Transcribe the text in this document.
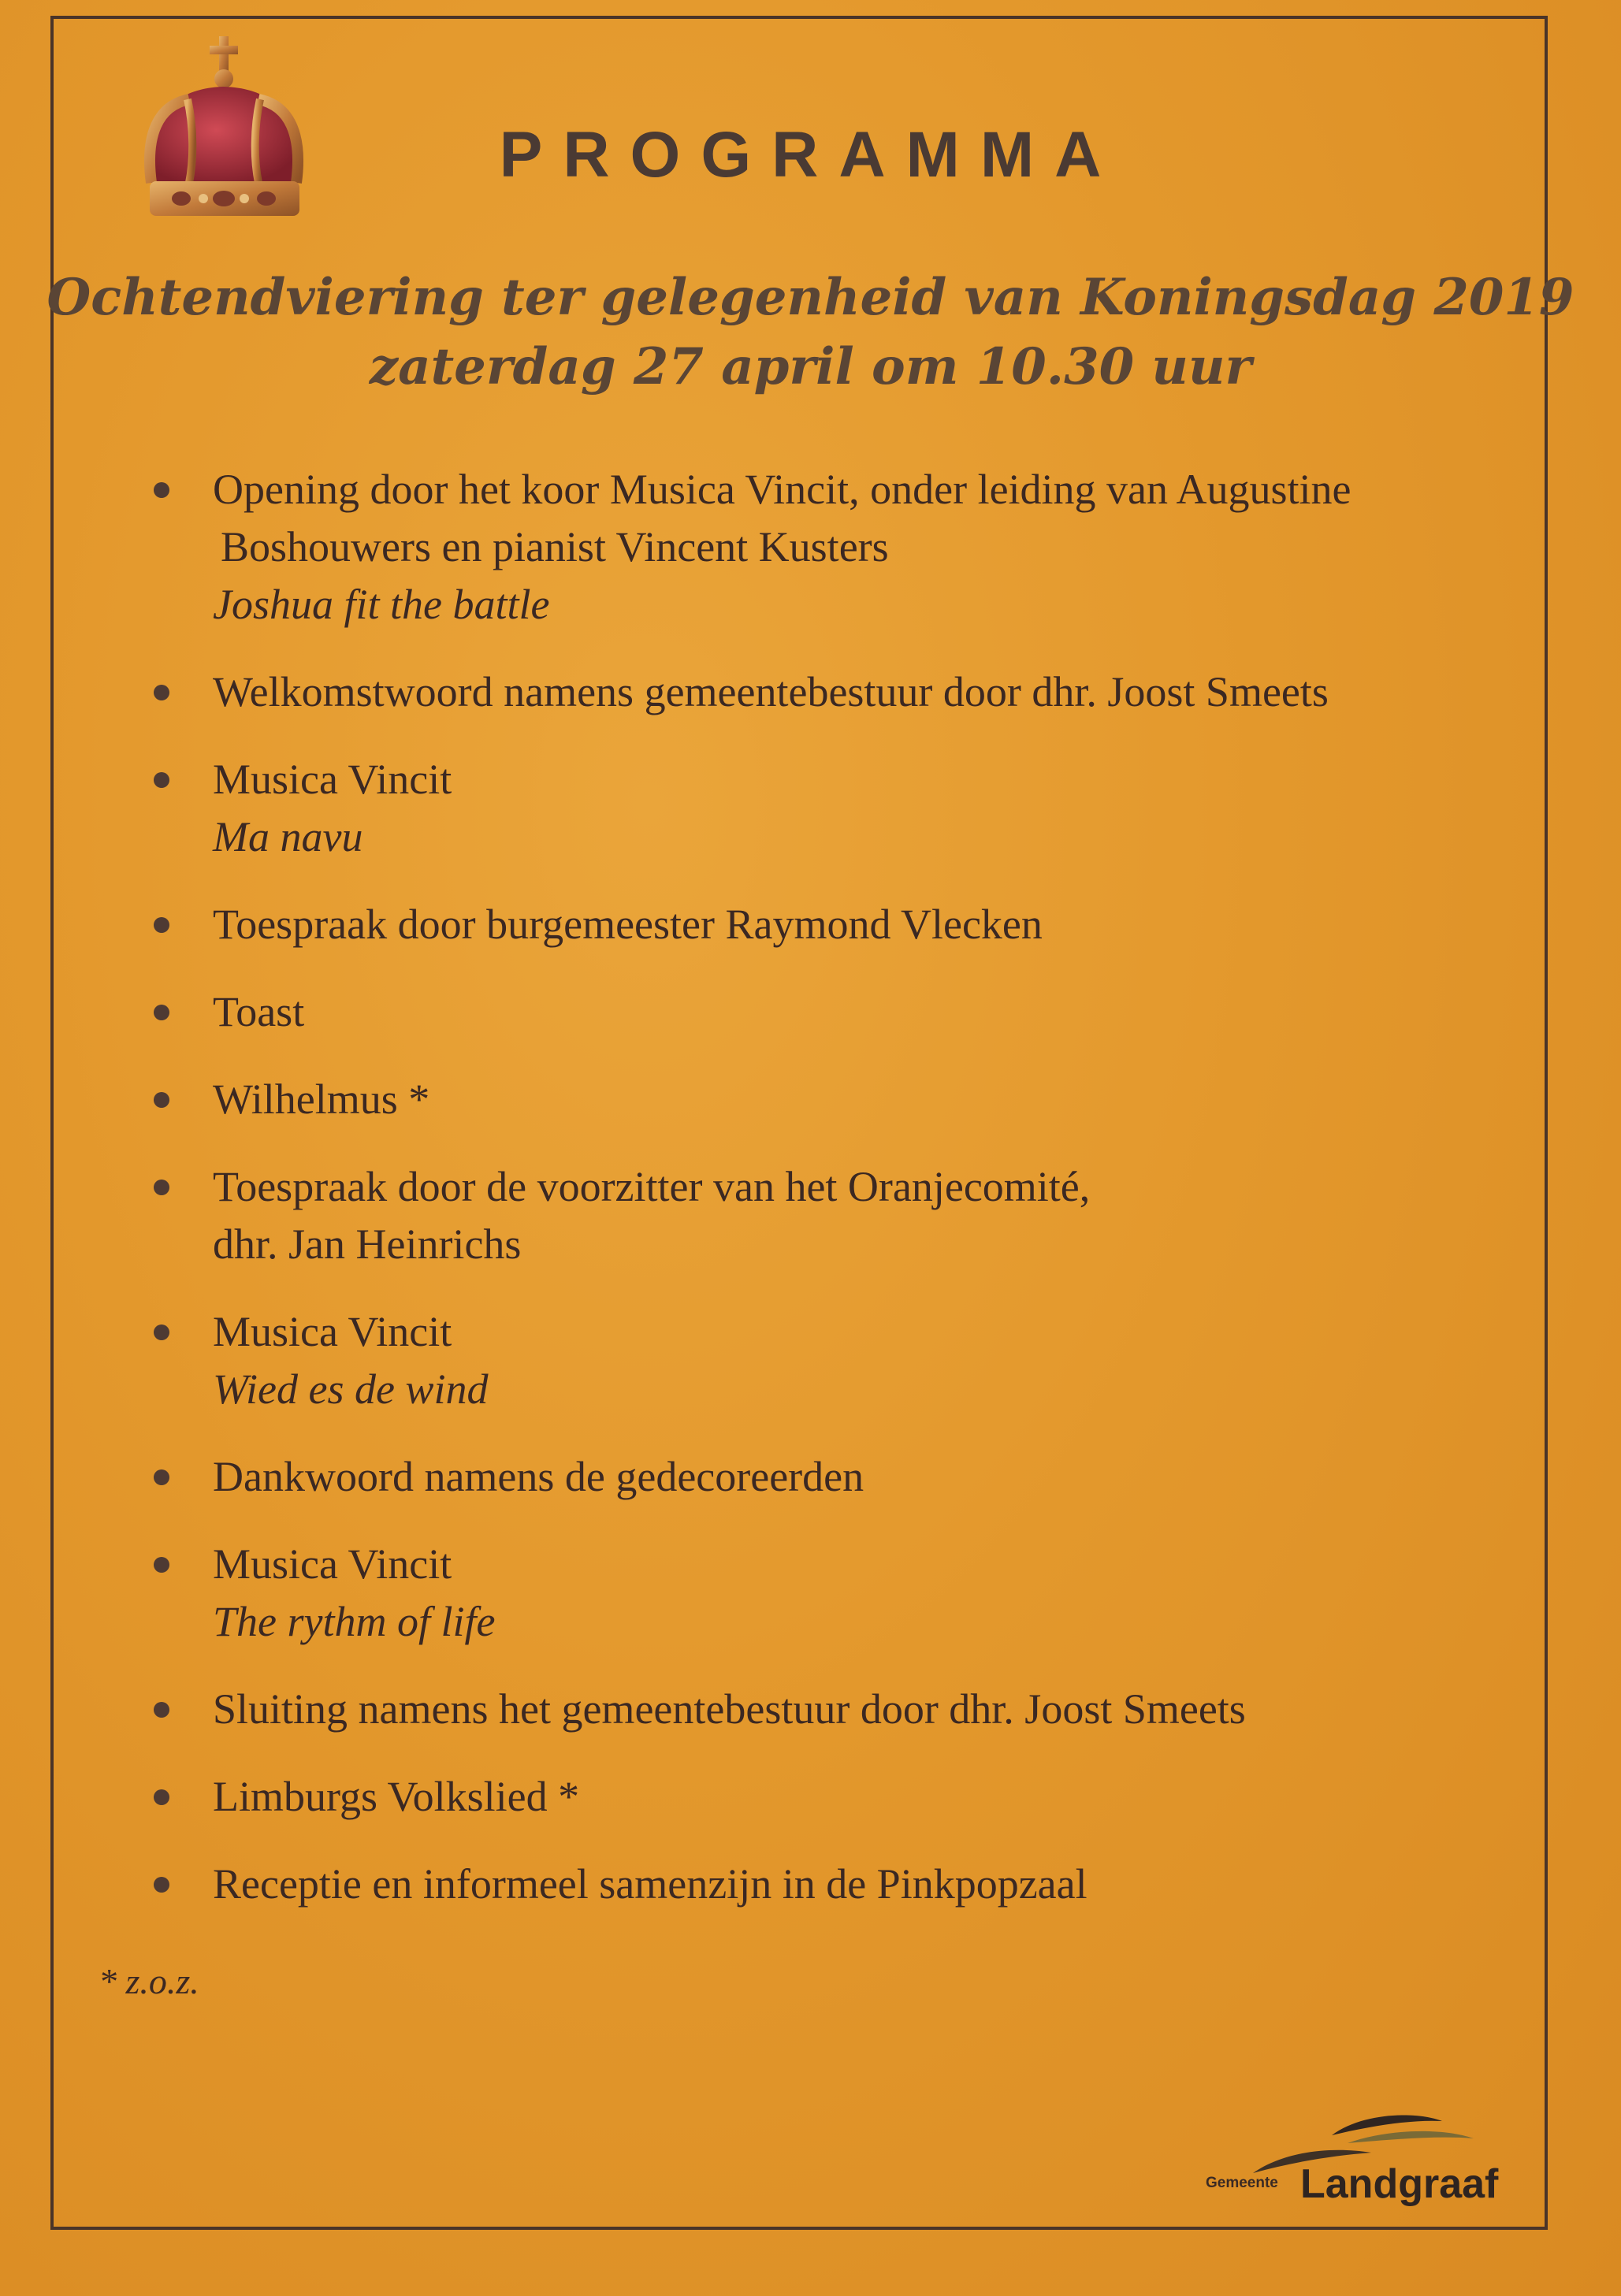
PROGRAMMA
Ochtendviering ter gelegenheid van Koningsdag 2019
zaterdag 27 april om 10.30 uur
Opening door het koor Musica Vincit, onder leiding van Augustine
Boshouwers en pianist Vincent Kusters
Joshua fit the battle
Welkomstwoord namens gemeentebestuur door dhr. Joost Smeets
Musica Vincit
Ma navu
Toespraak door burgemeester Raymond Vlecken
Toast
Wilhelmus *
Toespraak door de voorzitter van het Oranjecomité,
dhr. Jan Heinrichs
Musica Vincit
Wied es de wind
Dankwoord namens de gedecoreerden
Musica Vincit
The rythm of life
Sluiting namens het gemeentebestuur door dhr. Joost Smeets
Limburgs Volkslied *
Receptie en informeel samenzijn in de Pinkpopzaal
* z.o.z.
Gemeente Landgraaf
